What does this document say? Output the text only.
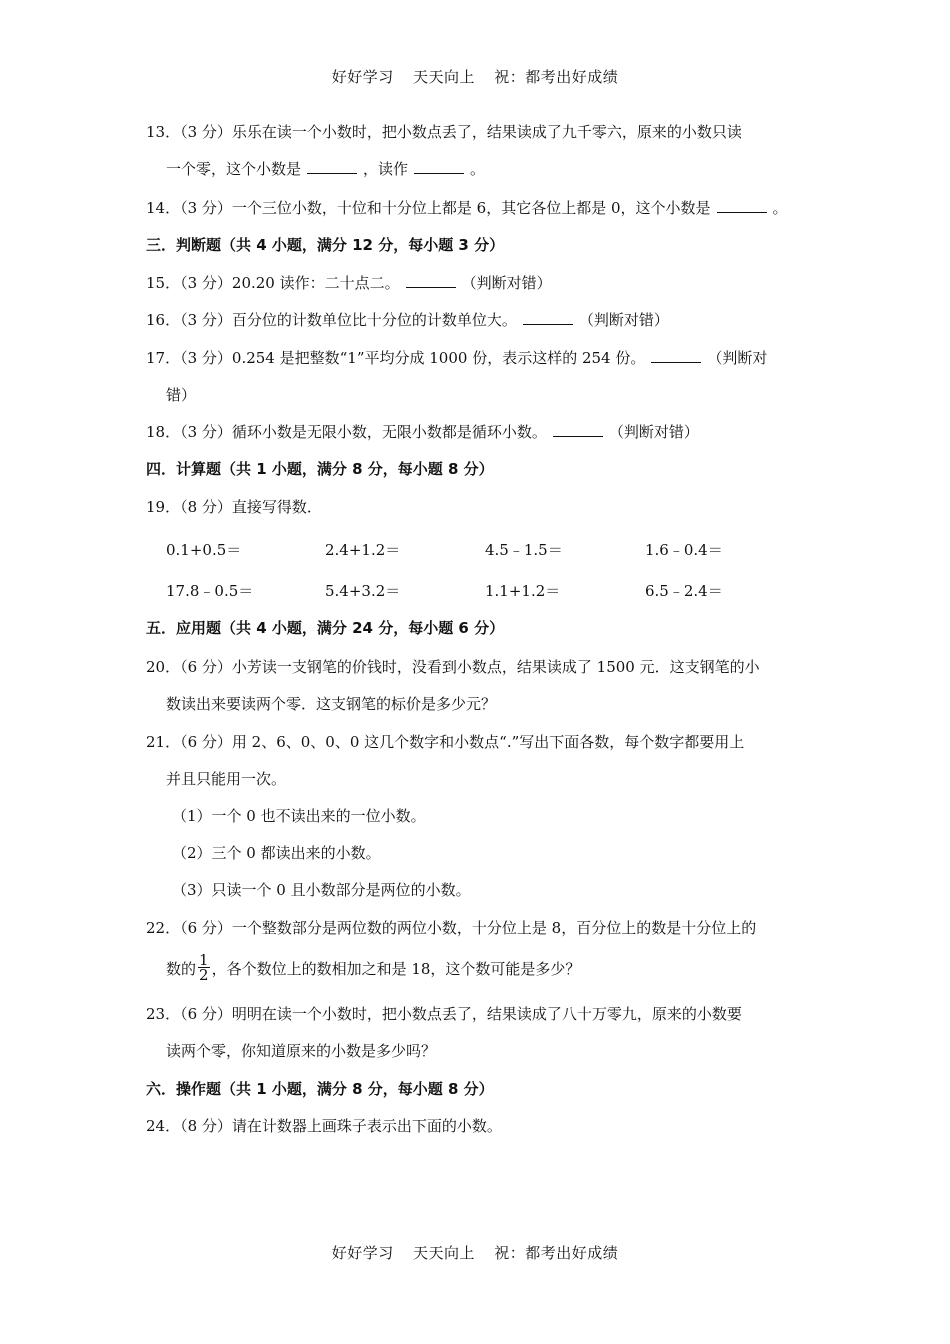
好好学习 天天向上 祝：都考出好成绩
13．（3 分）乐乐在读一个小数时，把小数点丢了，结果读成了九千零六，原来的小数只读
一个零，这个小数是	，读作	。
14．（3 分）一个三位小数，十位和十分位上都是 6，其它各位上都是 0，这个小数是	。
三．判断题（共 4 小题，满分 12 分，每小题 3 分）
15．（3 分）20.20 读作：二十点二。	（判断对错）
16．（3 分）百分位的计数单位比十分位的计数单位大。	（判断对错）
17．（3 分）0.254 是把整数“1”平均分成 1000 份，表示这样的 254 份。	（判断对
错）
18．（3 分）循环小数是无限小数，无限小数都是循环小数。	（判断对错）
四．计算题（共 1 小题，满分 8 分，每小题 8 分）
19．（8 分）直接写得数．
0.1+0.5＝	2.4+1.2＝	4.5﹣1.5＝	1.6﹣0.4＝
17.8﹣0.5＝	5.4+3.2＝	1.1+1.2＝	6.5﹣2.4＝
五．应用题（共 4 小题，满分 24 分，每小题 6 分）
20．（6 分）小芳读一支钢笔的价钱时，没看到小数点，结果读成了 1500 元．这支钢笔的小
数读出来要读两个零．这支钢笔的标价是多少元？
21．（6 分）用 2、6、0、0、0 这几个数字和小数点“.”写出下面各数，每个数字都要用上
并且只能用一次。
（1）一个 0 也不读出来的一位小数。
（2）三个 0 都读出来的小数。
（3）只读一个 0 且小数部分是两位的小数。
22．（6 分）一个整数部分是两位数的两位小数，十分位上是 8，百分位上的数是十分位上的
数的 $\frac{1}{2}$ ，各个数位上的数相加之和是 18，这个数可能是多少？
23．（6 分）明明在读一个小数时，把小数点丢了，结果读成了八十万零九，原来的小数要
读两个零，你知道原来的小数是多少吗？
六．操作题（共 1 小题，满分 8 分，每小题 8 分）
24．（8 分）请在计数器上画珠子表示出下面的小数。
好好学习 天天向上 祝：都考出好成绩
